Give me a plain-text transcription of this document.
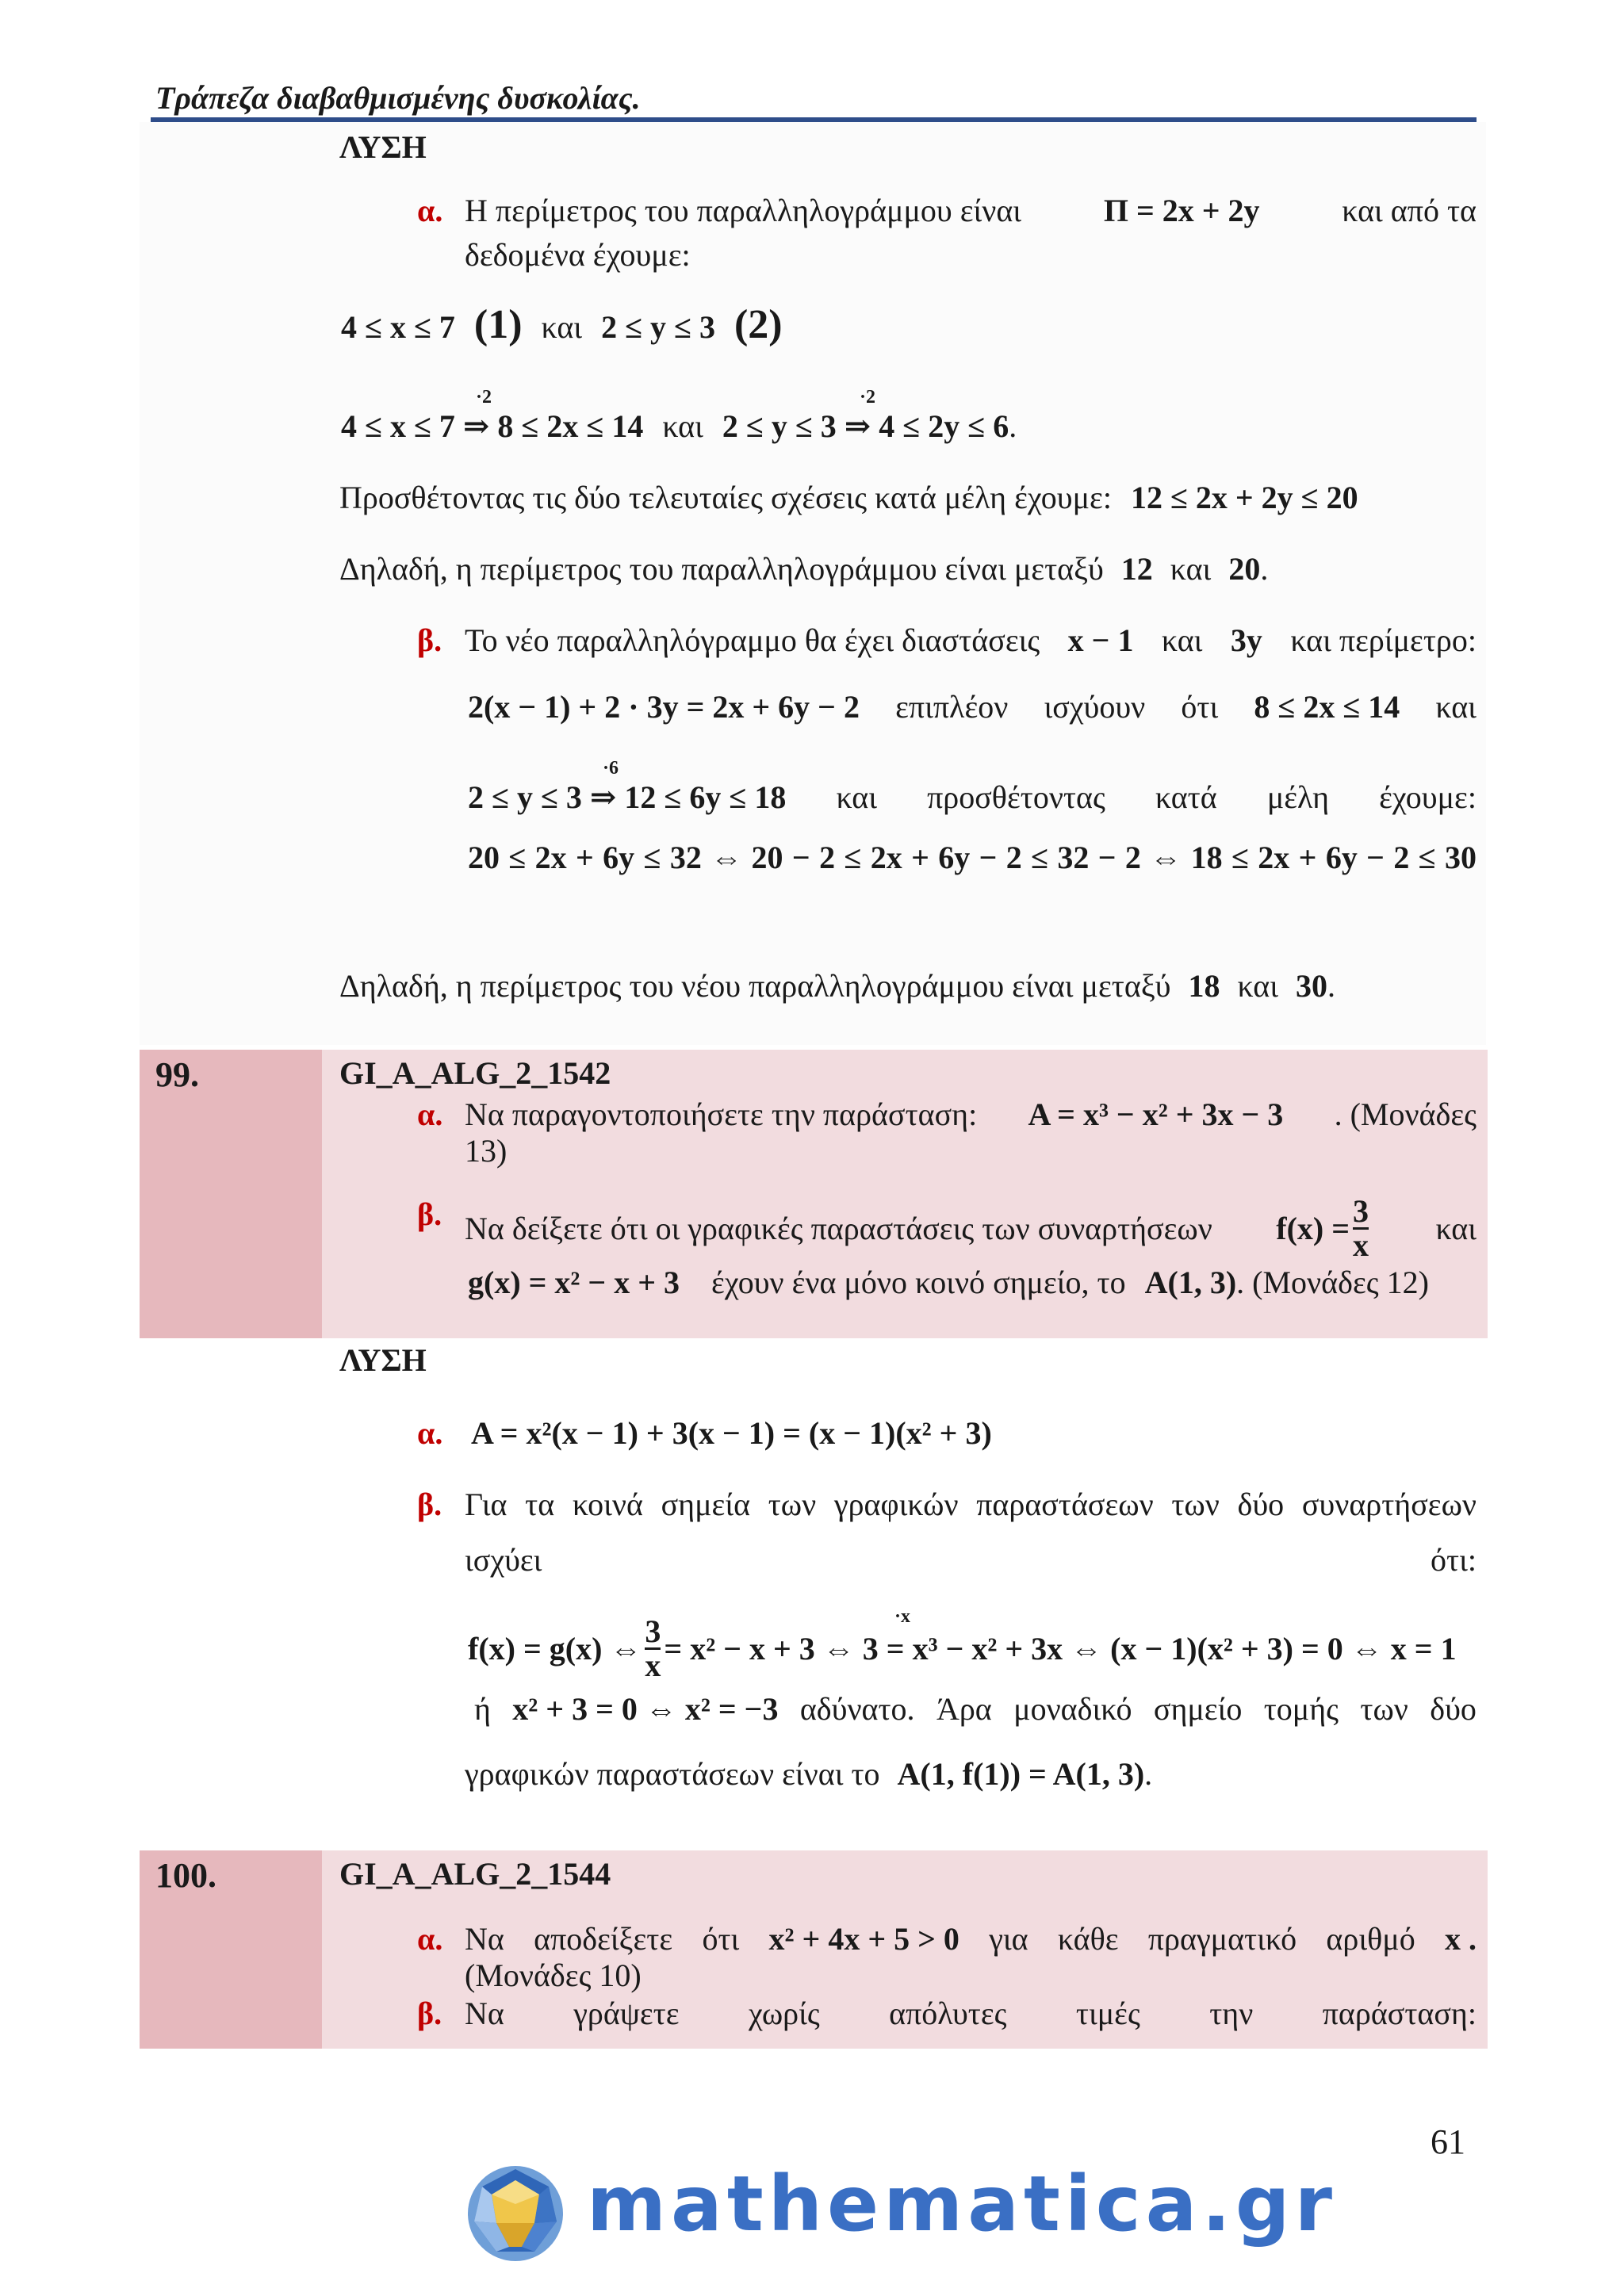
Τράπεζα διαβαθμισμένης δυσκολίας.
ΛΥΣΗ
α. Η περίμετρος του παραλληλογράμμου είναι	Π = 2x + 2y	και από τα
δεδομένα έχουμε:
4 ≤ x ≤ 7 (1) και 2 ≤ y ≤ 3 (2)
·2	·2
4 ≤ x ≤ 7 ⇒ 8 ≤ 2x ≤ 14 και 2 ≤ y ≤ 3 ⇒ 4 ≤ 2y ≤ 6.
Προσθέτοντας τις δύο τελευταίες σχέσεις κατά μέλη έχουμε: 12 ≤ 2x + 2y ≤ 20
Δηλαδή, η περίμετρος του παραλληλογράμμου είναι μεταξύ 12 και 20.
β. Το νέο παραλληλόγραμμο θα έχει διαστάσεις x − 1 και 3y και περίμετρο:
2(x − 1) + 2 · 3y = 2x + 6y − 2 επιπλέον ισχύουν ότι 8 ≤ 2x ≤ 14 και
·6
2 ≤ y ≤ 3 ⇒ 12 ≤ 6y ≤ 18 και προσθέτοντας κατά μέλη έχουμε:
20 ≤ 2x + 6y ≤ 32 ⇔ 20 − 2 ≤ 2x + 6y − 2 ≤ 32 − 2 ⇔ 18 ≤ 2x + 6y − 2 ≤ 30
Δηλαδή, η περίμετρος του νέου παραλληλογράμμου είναι μεταξύ 18 και 30.
99.	GI_A_ALG_2_1542
α. Να παραγοντοποιήσετε την παράσταση: A = x³ − x² + 3x − 3 . (Μονάδες
13)
β. Να δείξετε ότι οι γραφικές παραστάσεις των συναρτήσεων $f(x) = \frac{3}{x}$ και
g(x) = x² − x + 3 έχουν ένα μόνο κοινό σημείο, το A(1, 3). (Μονάδες 12)
ΛΥΣΗ
α. A = x²(x − 1) + 3(x − 1) = (x − 1)(x² + 3)
β. Για τα κοινά σημεία των γραφικών παραστάσεων των δύο συναρτήσεων
ισχύει	ότι:
·x
f(x) = g(x) ⇔ $\frac{3}{x} = x^2 - x + 3$ ⇔ 3 = x³ − x² + 3x ⇔ (x − 1)(x² + 3) = 0 ⇔ x = 1
ή x² + 3 = 0 ⇔ x² = −3 αδύνατο. Άρα μοναδικό σημείο τομής των δύο
γραφικών παραστάσεων είναι το A(1, f(1)) = A(1, 3).
100.	GI_A_ALG_2_1544
α. Να αποδείξετε ότι x² + 4x + 5 > 0 για κάθε πραγματικό αριθμό x .
(Μονάδες 10)
β. Να γράψετε χωρίς απόλυτες τιμές την παράσταση:
61
mathematica.gr
